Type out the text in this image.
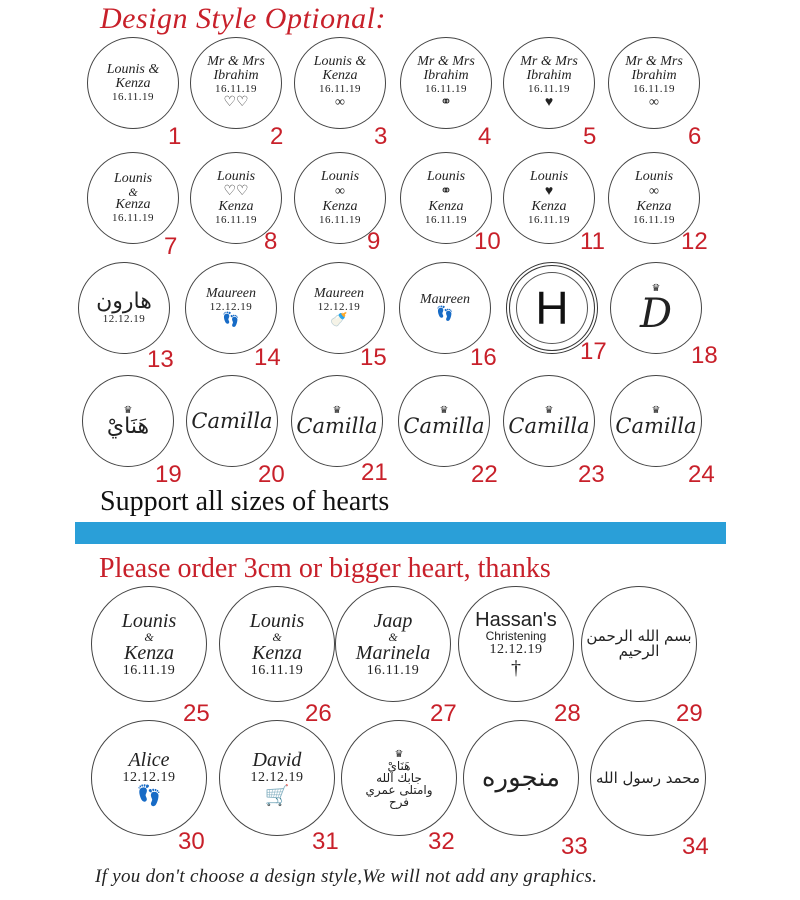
Design Style Optional:
Lounis &
Kenza
16.11.19
1
Mr & Mrs
Ibrahim
16.11.19
♡♡
2
Lounis &
Kenza
16.11.19
∞
3
Mr & Mrs
Ibrahim
16.11.19
⚭
4
Mr & Mrs
Ibrahim
16.11.19
♥
5
Mr & Mrs
Ibrahim
16.11.19
∞
6
Lounis
&
Kenza
16.11.19
7
Lounis
♡♡
Kenza
16.11.19
8
Lounis
∞
Kenza
16.11.19
9
Lounis
⚭
Kenza
16.11.19
10
Lounis
♥
Kenza
16.11.19
11
Lounis
∞
Kenza
16.11.19
12
هارون
12.12.19
13
Maureen
12.12.19
👣
14
Maureen
12.12.19
🍼
15
Maureen
👣
16
H
17
♛
D
18
♛
هَنَايْ
19
Camilla
20
♛
Camilla
21
♛
Camilla
22
♛
Camilla
23
♛
Camilla
24
Support all sizes of hearts
Please order 3cm or bigger heart, thanks
Lounis
&
Kenza
16.11.19
25
Lounis
&
Kenza
16.11.19
26
Jaap
&
Marinela
16.11.19
27
Hassan's
Christening
12.12.19
†
28
بسم الله الرحمن الرحيم
29
Alice
12.12.19
👣
30
David
12.12.19
🛒
31
♛
هَنَايْ
جابك الله
وامتلى عمري
فرح
32
منجوره
33
محمد رسول الله
34
If you don't choose a design style,We will not add any graphics.
